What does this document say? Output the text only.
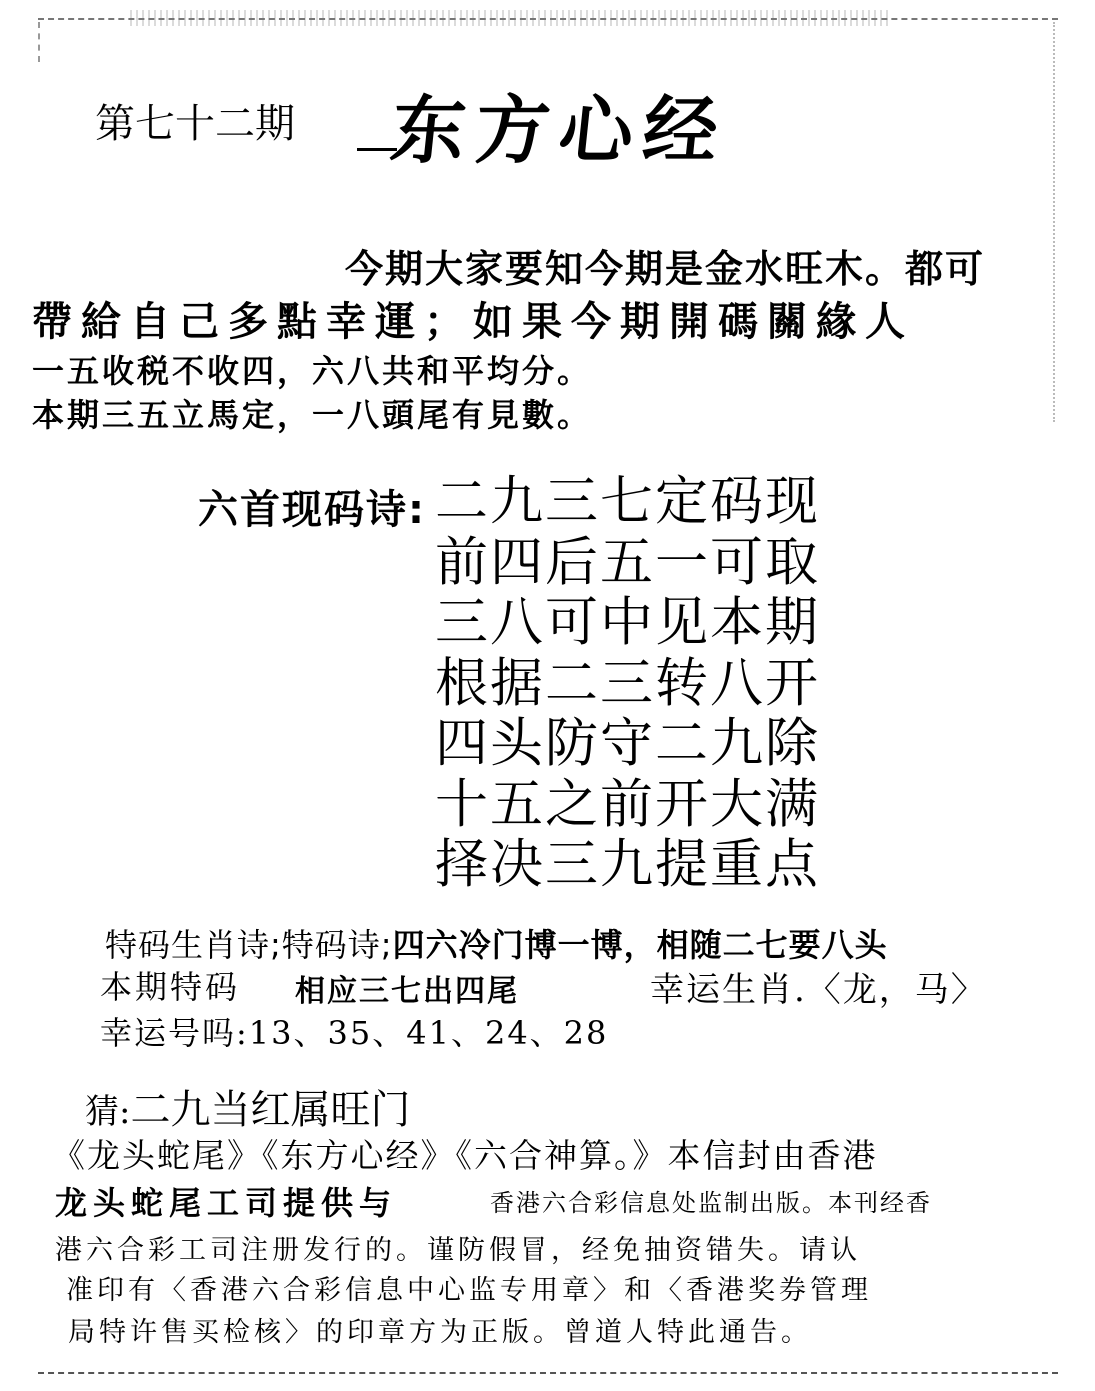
第七十二期 东方心经
今期大家要知今期是金水旺木。都可
帶給自己多點幸運；如果今期開碼關緣人
一五收税不收四，六八共和平均分。
本期三五立馬定，一八頭尾有見數。
六首现码诗: 二九三七定码现
前四后五一可取
三八可中见本期
根据二三转八开
四头防守二九除
十五之前开大满
择决三九提重点
特码生肖诗;特码诗;四六冷门博一博，相随二七要八头
本期特码 相应三七出四尾	幸运生肖.〈龙，马〉
幸运号吗:13、35、41、24、28
猜:二九当红属旺门
《龙头蛇尾》《东方心经》《六合神算。》本信封由香港
龙头蛇尾工司提供与	香港六合彩信息处监制出版。本刊经香
港六合彩工司注册发行的。谨防假冒，经免抽资错失。请认
准印有〈香港六合彩信息中心监专用章〉和〈香港奖券管理
局特许售买检核〉的印章方为正版。曾道人特此通告。
